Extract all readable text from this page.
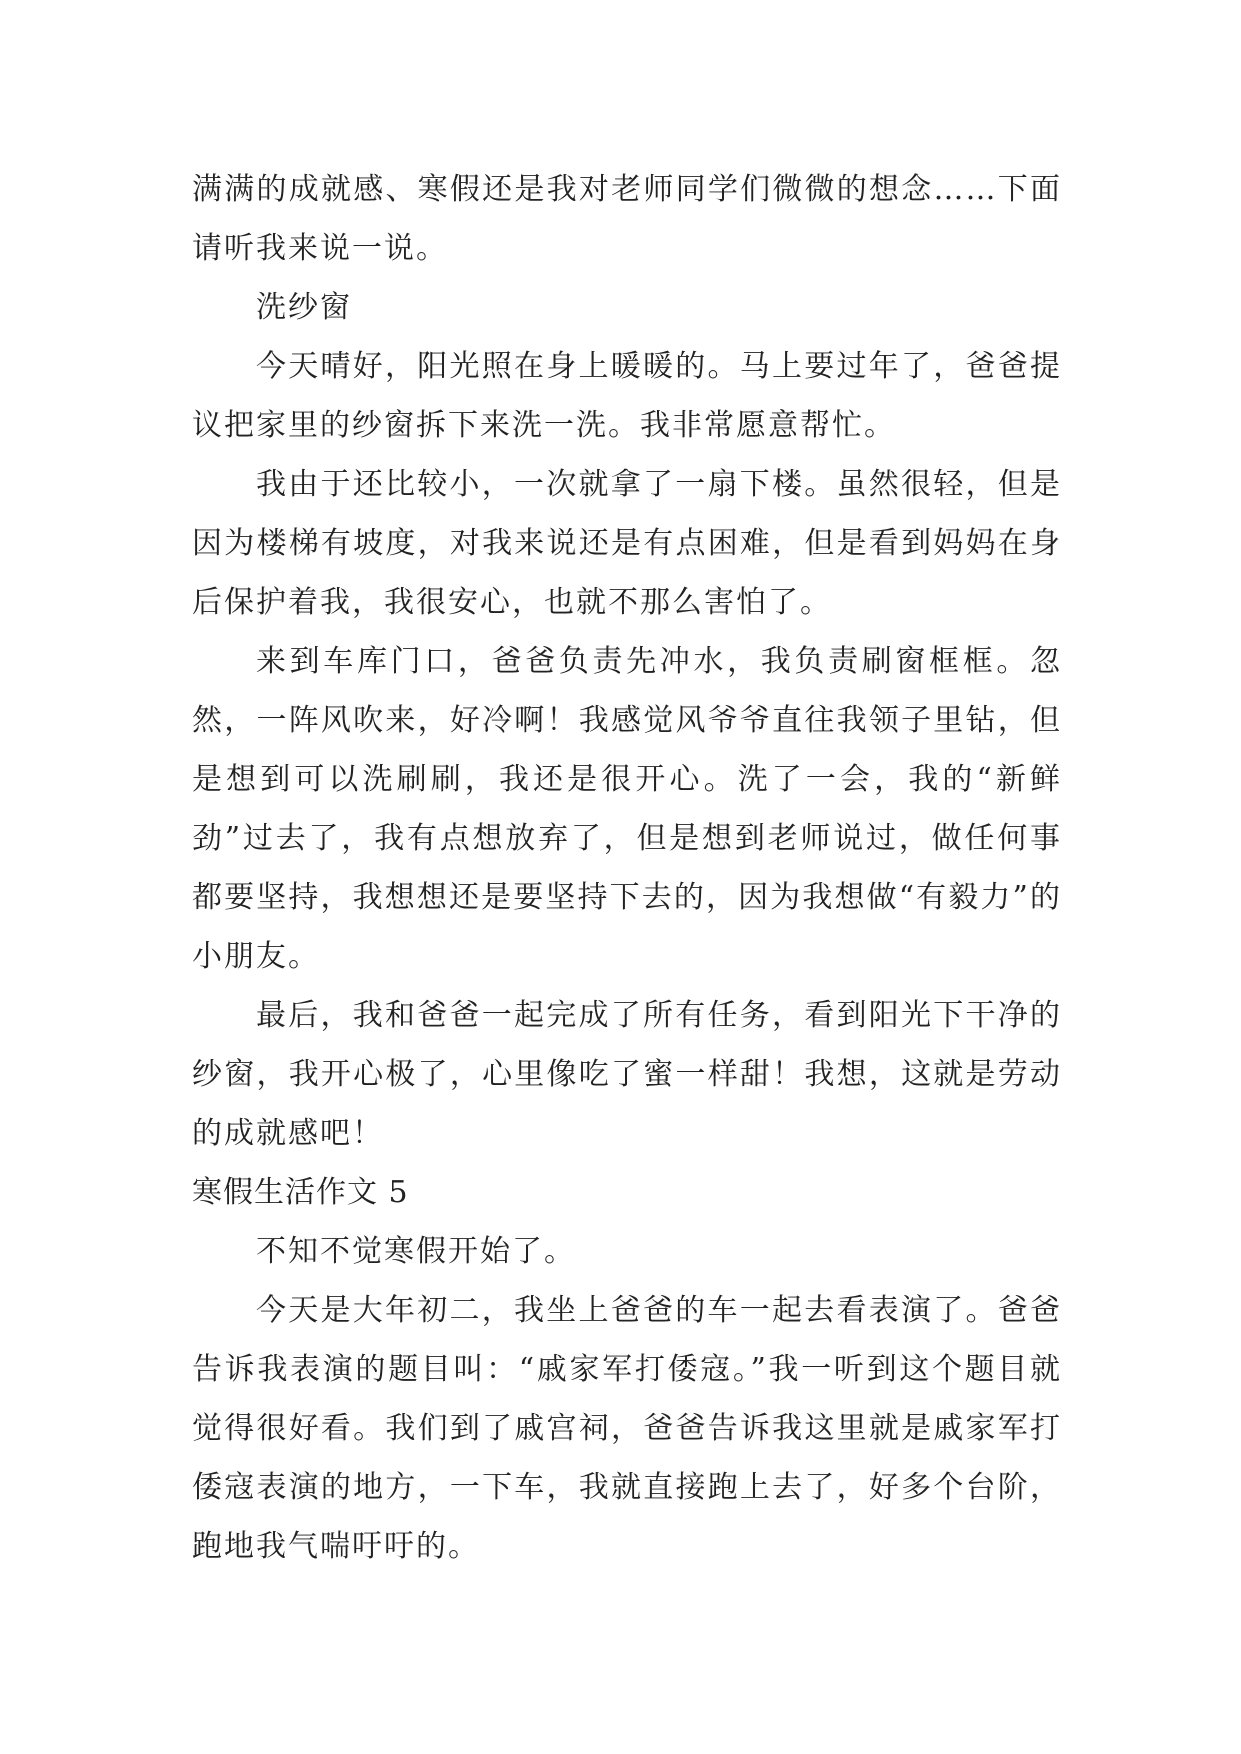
满满的成就感、寒假还是我对老师同学们微微的想念……下面请听我来说一说。

洗纱窗

今天晴好，阳光照在身上暖暖的。马上要过年了，爸爸提议把家里的纱窗拆下来洗一洗。我非常愿意帮忙。

我由于还比较小，一次就拿了一扇下楼。虽然很轻，但是因为楼梯有坡度，对我来说还是有点困难，但是看到妈妈在身后保护着我，我很安心，也就不那么害怕了。

来到车库门口，爸爸负责先冲水，我负责刷窗框框。忽然，一阵风吹来，好冷啊！我感觉风爷爷直往我领子里钻，但是想到可以洗刷刷，我还是很开心。洗了一会，我的“新鲜劲”过去了，我有点想放弃了，但是想到老师说过，做任何事都要坚持，我想想还是要坚持下去的，因为我想做“有毅力”的小朋友。

最后，我和爸爸一起完成了所有任务，看到阳光下干净的纱窗，我开心极了，心里像吃了蜜一样甜！我想，这就是劳动的成就感吧！

寒假生活作文 5

不知不觉寒假开始了。

今天是大年初二，我坐上爸爸的车一起去看表演了。爸爸告诉我表演的题目叫：“戚家军打倭寇。”我一听到这个题目就觉得很好看。我们到了戚宫祠，爸爸告诉我这里就是戚家军打倭寇表演的地方，一下车，我就直接跑上去了，好多个台阶，跑地我气喘吁吁的。
